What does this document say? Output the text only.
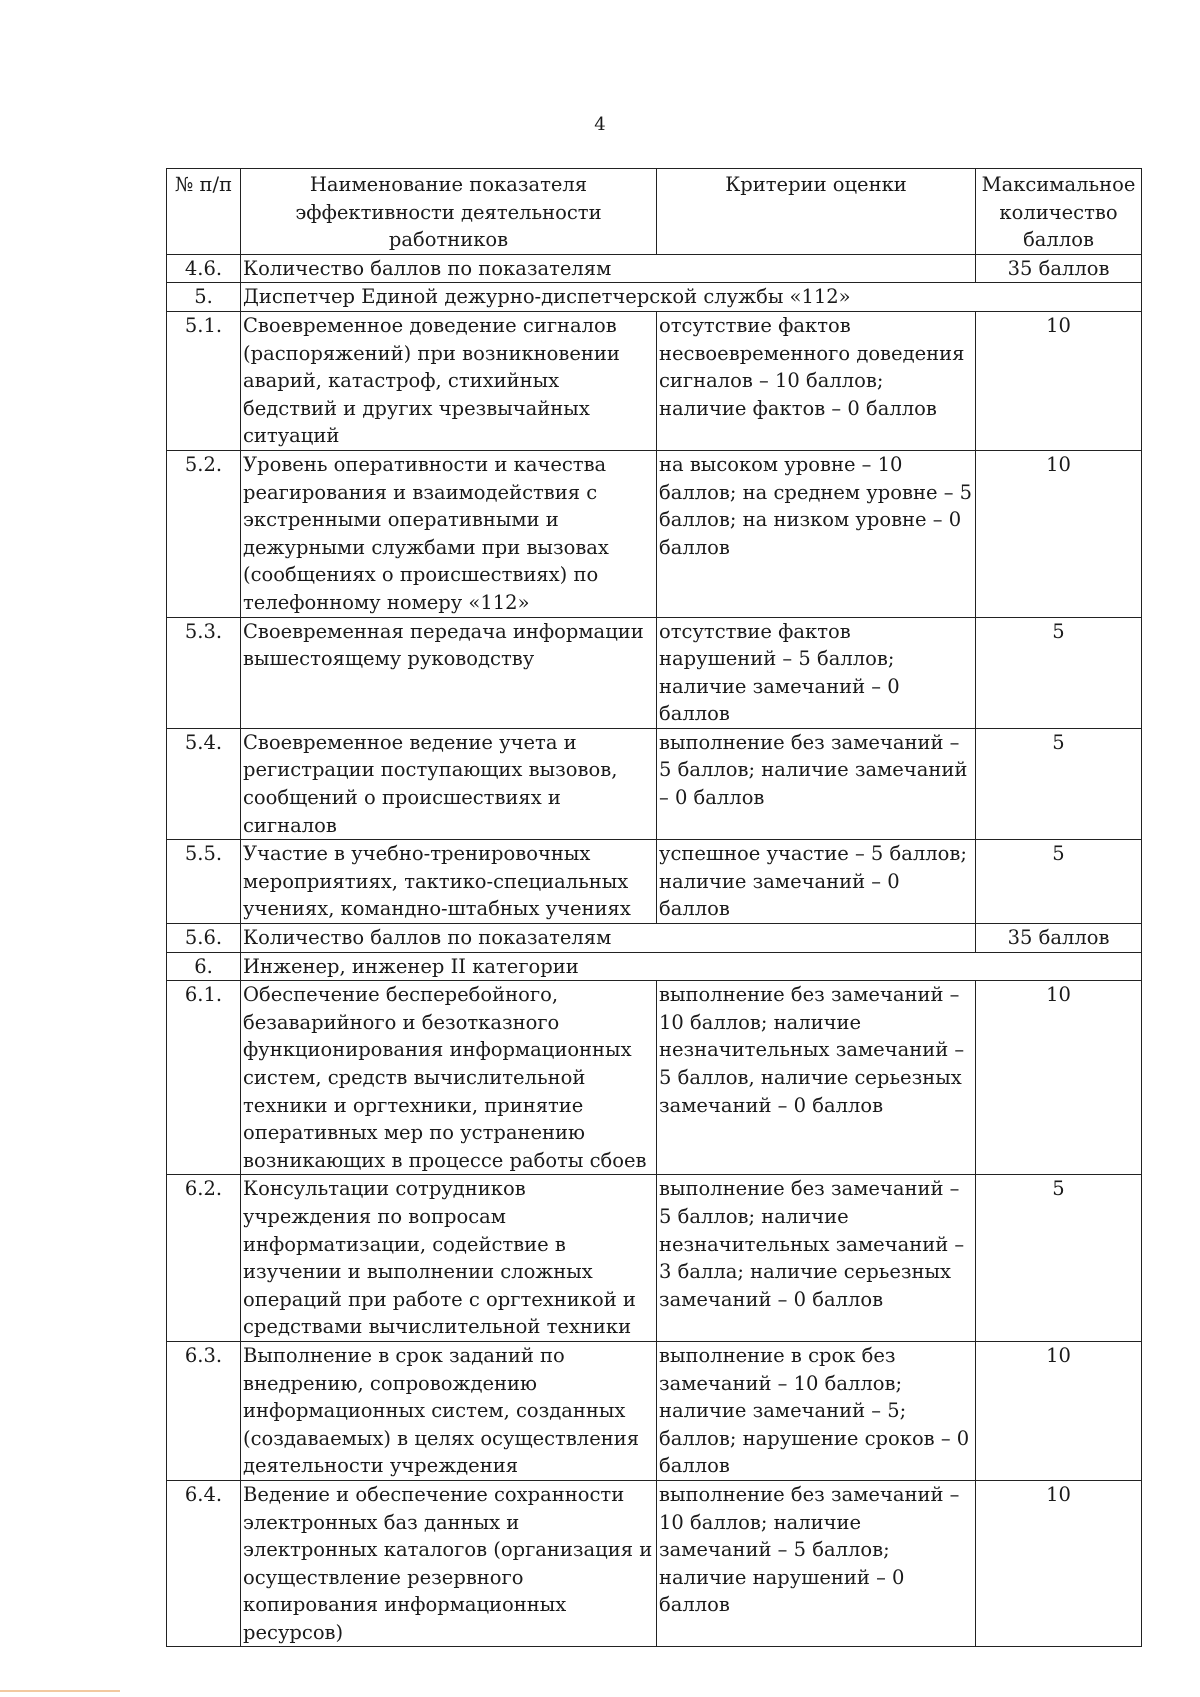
4
№ п/п	Наименование показателя эффективности деятельности работников	Критерии оценки	Максимальное количество баллов
4.6.	Количество баллов по показателям		35 баллов
5.	Диспетчер Единой дежурно-диспетчерской службы «112»		
5.1.	Своевременное доведение сигналов (распоряжений) при возникновении аварий, катастроф, стихийных бедствий и других чрезвычайных ситуаций	отсутствие фактов несвоевременного доведения сигналов – 10 баллов; наличие фактов – 0 баллов	10
5.2.	Уровень оперативности и качества реагирования и взаимодействия с экстренными оперативными и дежурными службами при вызовах (сообщениях о происшествиях) по телефонному номеру «112»	на высоком уровне – 10 баллов; на среднем уровне – 5 баллов; на низком уровне – 0 баллов	10
5.3.	Своевременная передача информации вышестоящему руководству	отсутствие фактов нарушений – 5 баллов; наличие замечаний – 0 баллов	5
5.4.	Своевременное ведение учета и регистрации поступающих вызовов, сообщений о происшествиях и сигналов	выполнение без замечаний – 5 баллов; наличие замечаний – 0 баллов	5
5.5.	Участие в учебно-тренировочных мероприятиях, тактико-специальных учениях, командно-штабных учениях	успешное участие – 5 баллов; наличие замечаний – 0 баллов	5
5.6.	Количество баллов по показателям		35 баллов
6.	Инженер, инженер II категории		
6.1.	Обеспечение бесперебойного, безаварийного и безотказного функционирования информационных систем, средств вычислительной техники и оргтехники, принятие оперативных мер по устранению возникающих в процессе работы сбоев	выполнение без замечаний – 10 баллов; наличие незначительных замечаний – 5 баллов, наличие серьезных замечаний – 0 баллов	10
6.2.	Консультации сотрудников учреждения по вопросам информатизации, содействие в изучении и выполнении сложных операций при работе с оргтехникой и средствами вычислительной техники	выполнение без замечаний – 5 баллов; наличие незначительных замечаний – 3 балла; наличие серьезных замечаний – 0 баллов	5
6.3.	Выполнение в срок заданий по внедрению, сопровождению информационных систем, созданных (создаваемых) в целях осуществления деятельности учреждения	выполнение в срок без замечаний – 10 баллов; наличие замечаний – 5; баллов; нарушение сроков – 0 баллов	10
6.4.	Ведение и обеспечение сохранности электронных баз данных и электронных каталогов (организация и осуществление резервного копирования информационных ресурсов)	выполнение без замечаний – 10 баллов; наличие замечаний – 5 баллов; наличие нарушений – 0 баллов	10
